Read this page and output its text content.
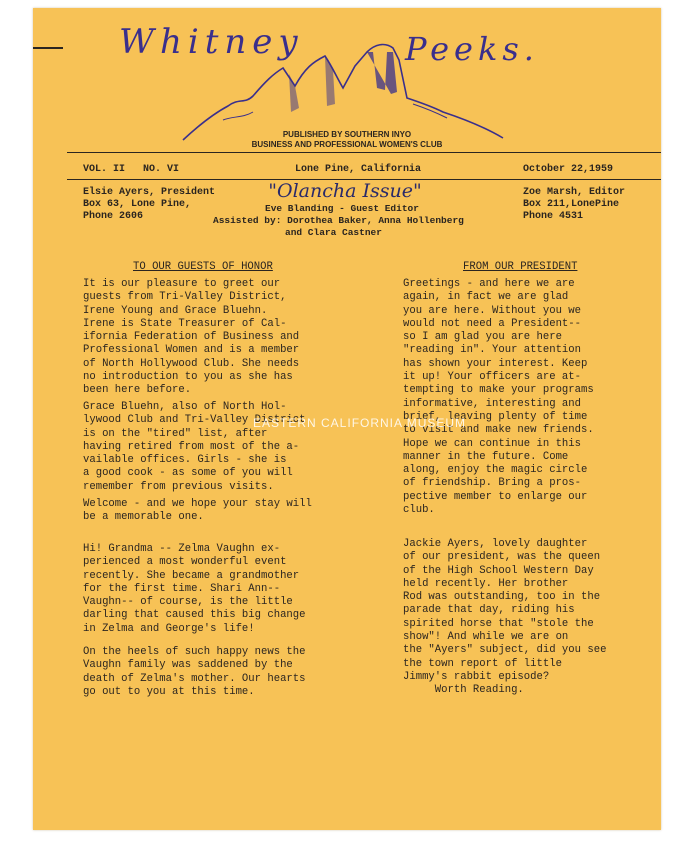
Whitney	Peeks.
PUBLISHED BY SOUTHERN INYO
BUSINESS AND PROFESSIONAL WOMEN'S CLUB
VOL. II NO. VI	Lone Pine, California	October 22,1959
Elsie Ayers, President
Box 63, Lone Pine,
Phone 2606
"Olancha Issue"
Eve Blanding - Guest Editor
Assisted by: Dorothea Baker, Anna Hollenberg
and Clara Castner
Zoe Marsh, Editor
Box 211,LonePine
Phone 4531
TO OUR GUESTS OF HONOR
It is our pleasure to greet our
guests from Tri-Valley District,
Irene Young and Grace Bluehn.
Irene is State Treasurer of Cal-
ifornia Federation of Business and
Professional Women and is a member
of North Hollywood Club. She needs
no introduction to you as she has
been here before.
Grace Bluehn, also of North Hol-
lywood Club and Tri-Valley District
is on the "tired" list, after
having retired from most of the a-
vailable offices. Girls - she is
a good cook - as some of you will
remember from previous visits.
Welcome - and we hope your stay will
be a memorable one.
Hi! Grandma -- Zelma Vaughn ex-
perienced a most wonderful event
recently. She became a grandmother
for the first time. Shari Ann--
Vaughn-- of course, is the little
darling that caused this big change
in Zelma and George's life!
On the heels of such happy news the
Vaughn family was saddened by the
death of Zelma's mother. Our hearts
go out to you at this time.
FROM OUR PRESIDENT
Greetings - and here we are
again, in fact we are glad
you are here. Without you we
would not need a President--
so I am glad you are here
"reading in". Your attention
has shown your interest. Keep
it up! Your officers are at-
tempting to make your programs
informative, interesting and
brief, leaving plenty of time
to visit and make new friends.
Hope we can continue in this
manner in the future. Come
along, enjoy the magic circle
of friendship. Bring a pros-
pective member to enlarge our
club.
Jackie Ayers, lovely daughter
of our president, was the queen
of the High School Western Day
held recently. Her brother
Rod was outstanding, too in the
parade that day, riding his
spirited horse that "stole the
show"! And while we are on
the "Ayers" subject, did you see
the town report of little
Jimmy's rabbit episode?
Worth Reading.
EASTERN CALIFORNIA MUSEUM
